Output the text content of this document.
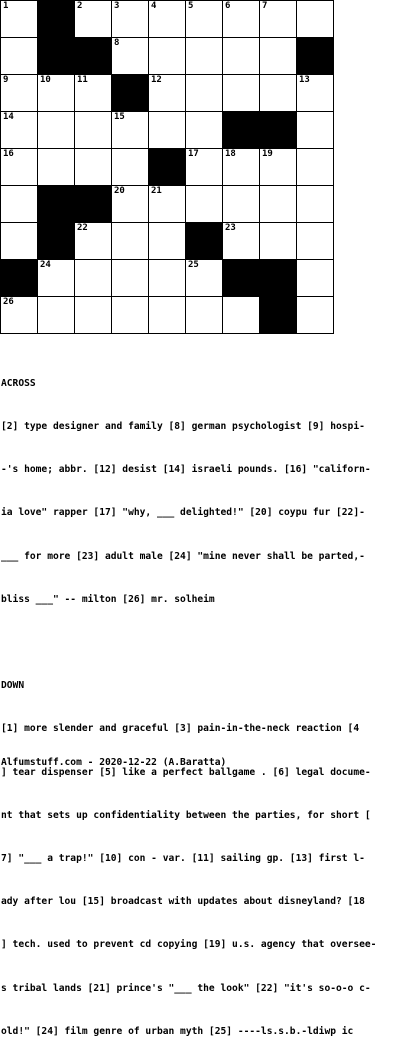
1	2	3	4	5	6	7
8
9	10	11	12	13
14	15
16	17	18	19
20	21
22	23
24	25
26

ACROSS

[2] type designer and family [8] german psychologist [9] hospi-

-'s home; abbr. [12] desist [14] israeli pounds. [16] "californ-

ia love" rapper [17] "why, ___ delighted!" [20] coypu fur [22]-

___ for more [23] adult male [24] "mine never shall be parted,-

bliss ___" -- milton [26] mr. solheim

DOWN

[1] more slender and graceful [3] pain-in-the-neck reaction [4

] tear dispenser [5] like a perfect ballgame . [6] legal docume-

nt that sets up confidentiality between the parties, for short [

7] "___ a trap!" [10] con - var. [11] sailing gp. [13] first l-

ady after lou [15] broadcast with updates about disneyland? [18

] tech. used to prevent cd copying [19] u.s. agency that oversee-

s tribal lands [21] prince's "___ the look" [22] "it's so-o-o c-

old!" [24] film genre of urban myth [25] ----ls.s.b.-ldiwp ic

Alfumstuff.com - 2020-12-22 (A.Baratta)
